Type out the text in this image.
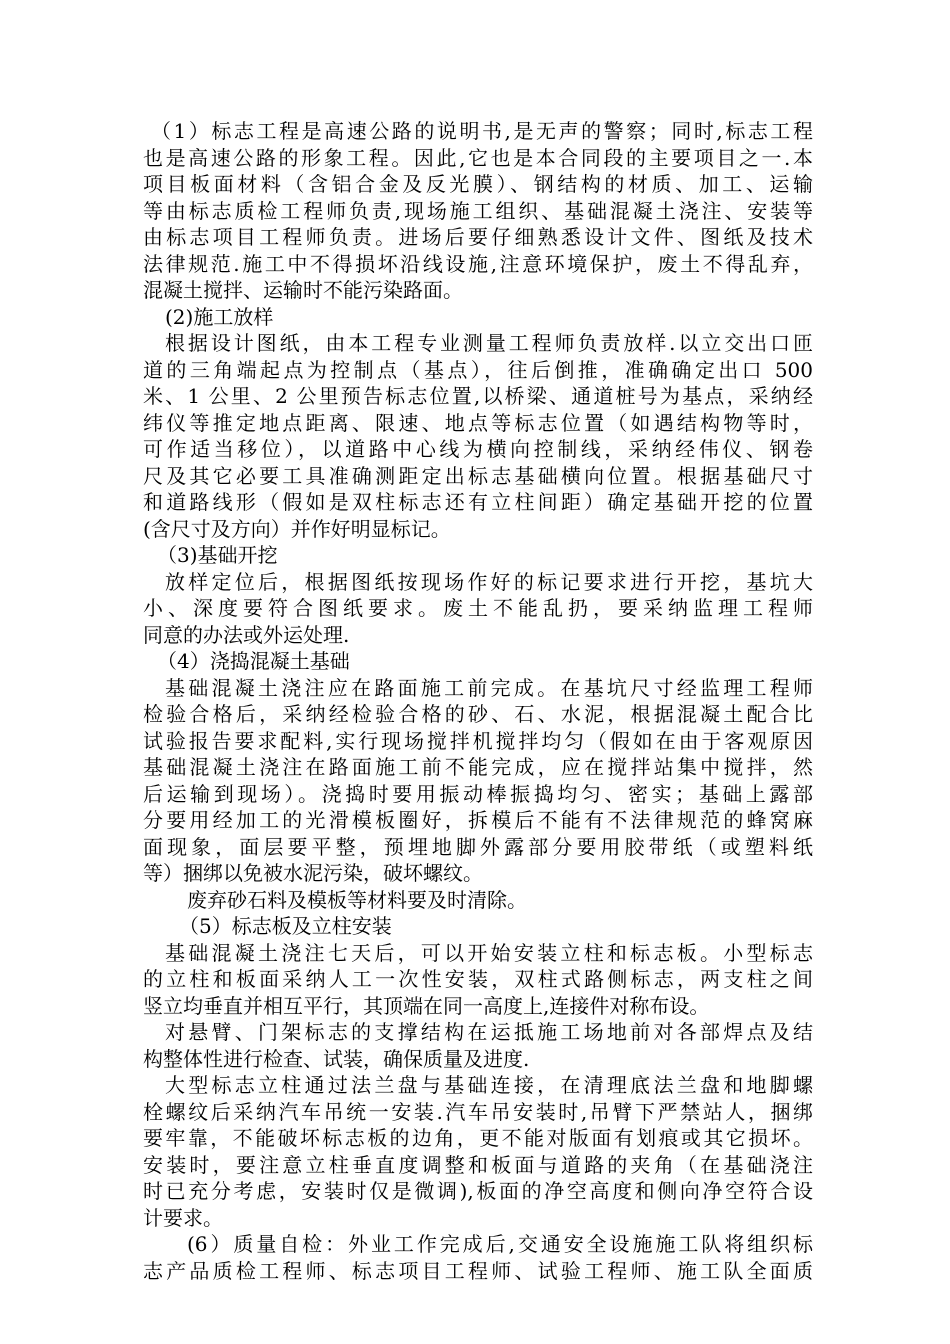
（1）标志工程是高速公路的说明书,是无声的警察；同时,标志工程
也是高速公路的形象工程。因此,它也是本合同段的主要项目之一.本
项目板面材料（含铝合金及反光膜）、钢结构的材质、加工、运输
等由标志质检工程师负责,现场施工组织、基础混凝土浇注、安装等
由标志项目工程师负责。进场后要仔细熟悉设计文件、图纸及技术
法律规范.施工中不得损坏沿线设施,注意环境保护，废土不得乱弃，
混凝土搅拌、运输时不能污染路面。
(2)施工放样
根据设计图纸，由本工程专业测量工程师负责放样.以立交出口匝
道的三角端起点为控制点（基点），往后倒推，准确确定出口 500
米、1 公里、2 公里预告标志位置,以桥梁、通道桩号为基点，采纳经
纬仪等推定地点距离、限速、地点等标志位置（如遇结构物等时，
可作适当移位），以道路中心线为横向控制线，采纳经伟仪、钢卷
尺及其它必要工具准确测距定出标志基础横向位置。根据基础尺寸
和道路线形（假如是双柱标志还有立柱间距）确定基础开挖的位置
(含尺寸及方向）并作好明显标记。
（3)基础开挖
放样定位后，根据图纸按现场作好的标记要求进行开挖，基坑大
小、深度要符合图纸要求。废土不能乱扔，要采纳监理工程师
同意的办法或外运处理.
（4）浇捣混凝土基础
基础混凝土浇注应在路面施工前完成。在基坑尺寸经监理工程师
检验合格后，采纳经检验合格的砂、石、水泥，根据混凝土配合比
试验报告要求配料,实行现场搅拌机搅拌均匀（假如在由于客观原因
基础混凝土浇注在路面施工前不能完成，应在搅拌站集中搅拌，然
后运输到现场）。浇捣时要用振动棒振捣均匀、密实；基础上露部
分要用经加工的光滑模板圈好，拆模后不能有不法律规范的蜂窝麻
面现象，面层要平整，预埋地脚外露部分要用胶带纸（或塑料纸
等）捆绑以免被水泥污染，破坏螺纹。
废弃砂石料及模板等材料要及时清除。
（5）标志板及立柱安装
基础混凝土浇注七天后，可以开始安装立柱和标志板。小型标志
的立柱和板面采纳人工一次性安装，双柱式路侧标志，两支柱之间
竖立均垂直并相互平行，其顶端在同一高度上,连接件对称布设。
对悬臂、门架标志的支撑结构在运抵施工场地前对各部焊点及结
构整体性进行检查、试装，确保质量及进度.
大型标志立柱通过法兰盘与基础连接，在清理底法兰盘和地脚螺
栓螺纹后采纳汽车吊统一安装.汽车吊安装时,吊臂下严禁站人，捆绑
要牢靠，不能破坏标志板的边角，更不能对版面有划痕或其它损坏。
安装时，要注意立柱垂直度调整和板面与道路的夹角（在基础浇注
时已充分考虑，安装时仅是微调),板面的净空高度和侧向净空符合设
计要求。
(6）质量自检：外业工作完成后,交通安全设施施工队将组织标
志产品质检工程师、标志项目工程师、试验工程师、施工队全面质
